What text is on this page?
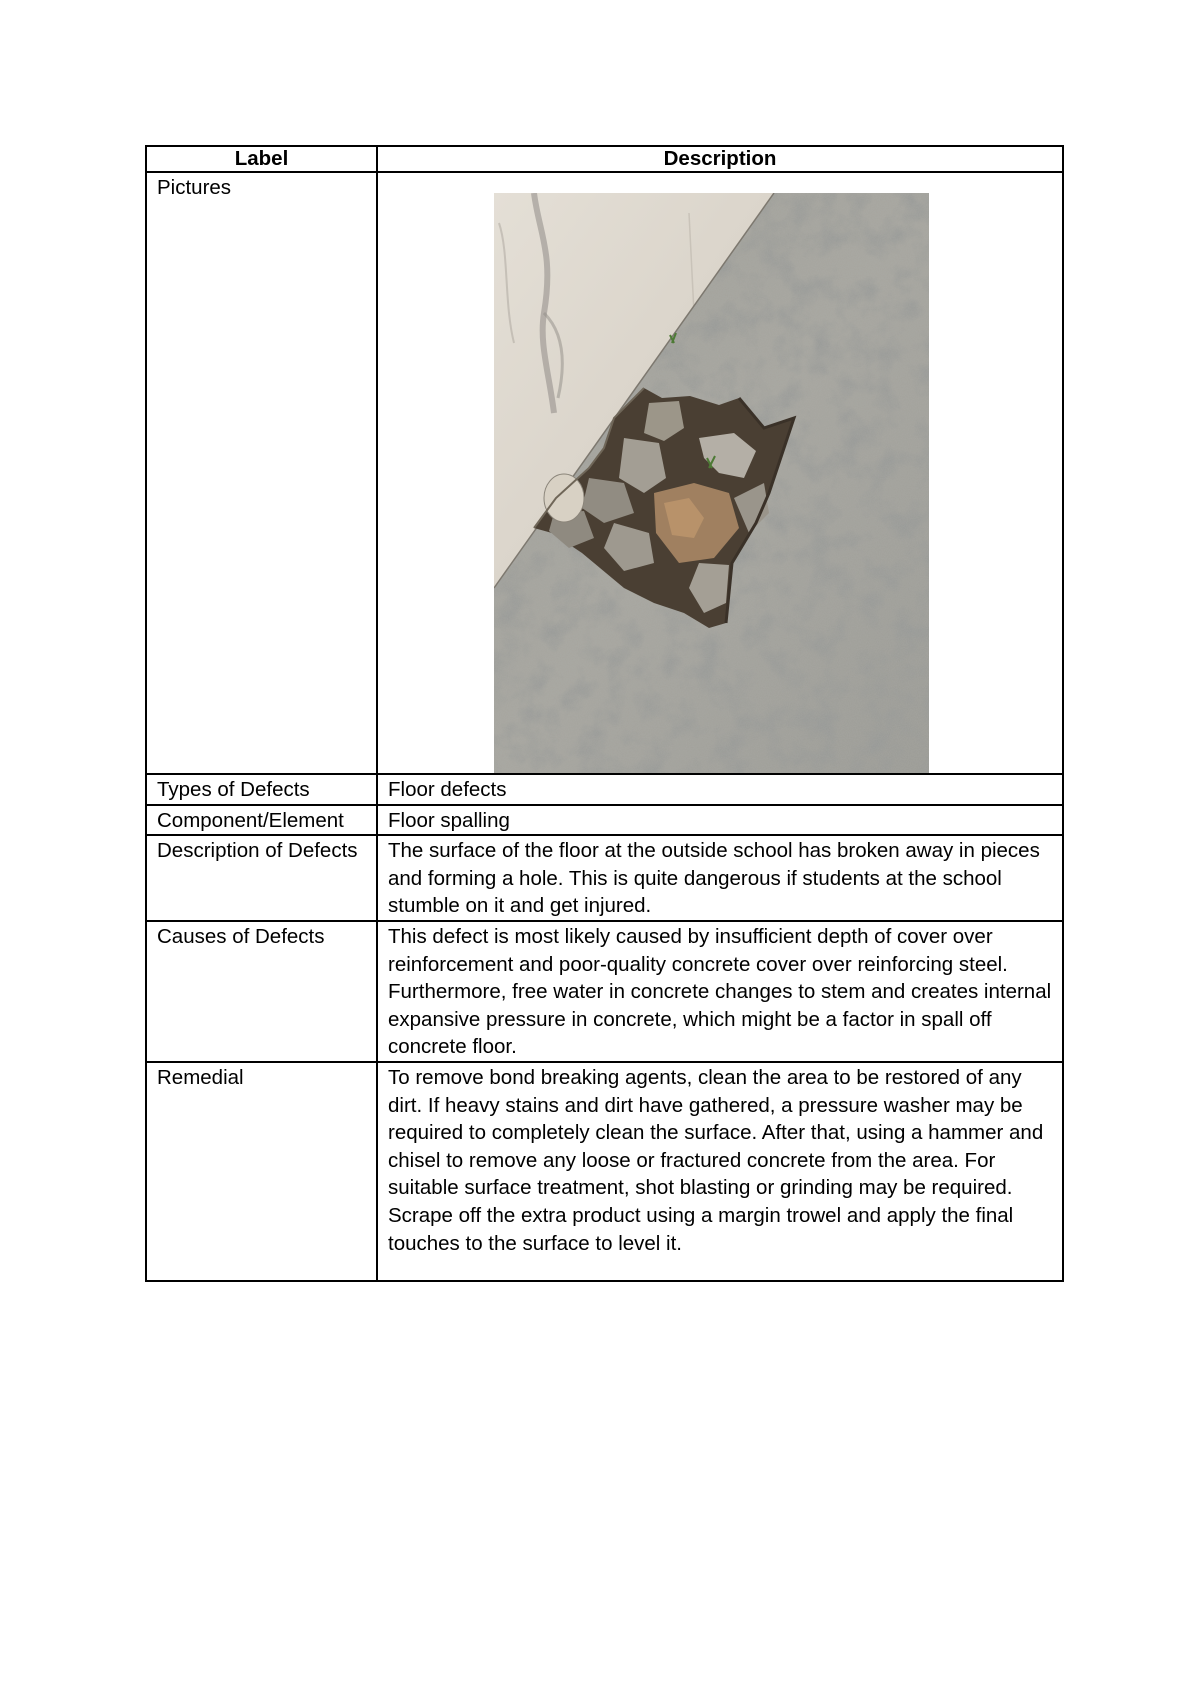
Label	Description
Pictures	

Types of Defects	Floor defects
Component/Element	Floor spalling
Description of Defects	The surface of the floor at the outside school has broken away in pieces and forming a hole. This is quite dangerous if students at the school stumble on it and get injured.
Causes of Defects	This defect is most likely caused by insufficient depth of cover over reinforcement and poor-quality concrete cover over reinforcing steel. Furthermore, free water in concrete changes to stem and creates internal expansive pressure in concrete, which might be a factor in spall off concrete floor.
Remedial	To remove bond breaking agents, clean the area to be restored of any dirt. If heavy stains and dirt have gathered, a pressure washer may be required to completely clean the surface. After that, using a hammer and chisel to remove any loose or fractured concrete from the area. For suitable surface treatment, shot blasting or grinding may be required. Scrape off the extra product using a margin trowel and apply the final touches to the surface to level it.
